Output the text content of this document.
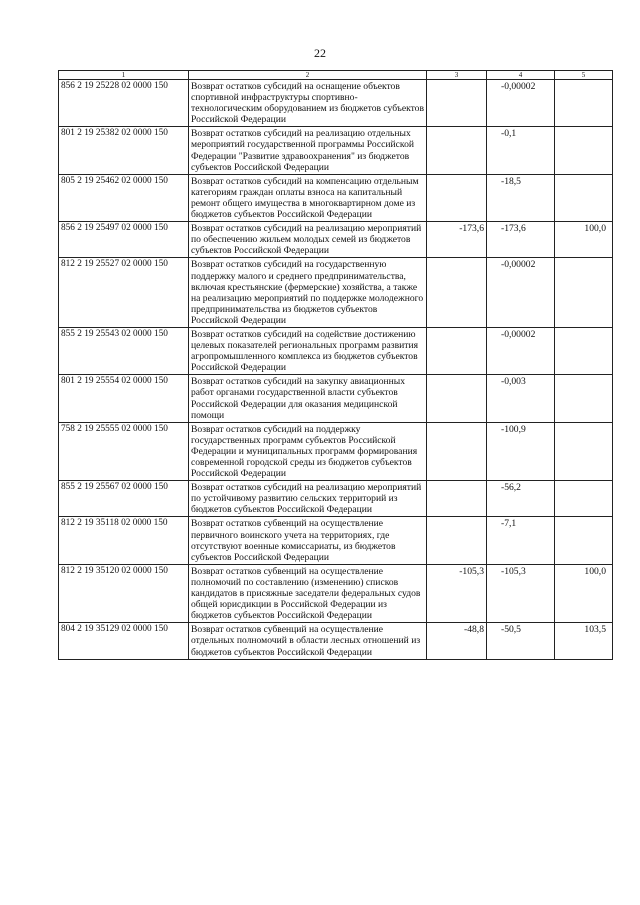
22
1	2	3	4	5
856 2 19 25228 02 0000 150	Возврат остатков субсидий на оснащение объектов спортивной инфраструктуры спортивно-технологическим оборудованием из бюджетов субъектов Российской Федерации		-0,00002	
801 2 19 25382 02 0000 150	Возврат остатков субсидий на реализацию отдельных мероприятий государственной программы Российской Федерации "Развитие здравоохранения" из бюджетов субъектов Российской Федерации		-0,1	
805 2 19 25462 02 0000 150	Возврат остатков субсидий на компенсацию отдельным категориям граждан оплаты взноса на капитальный ремонт общего имущества в многоквартирном доме из бюджетов субъектов Российской Федерации		-18,5	
856 2 19 25497 02 0000 150	Возврат остатков субсидий на реализацию мероприятий по обеспечению жильем молодых семей из бюджетов субъектов Российской Федерации	-173,6	-173,6	100,0
812 2 19 25527 02 0000 150	Возврат остатков субсидий на государственную поддержку малого и среднего предпринимательства, включая крестьянские (фермерские) хозяйства, а также на реализацию мероприятий по поддержке молодежного предпринимательства из бюджетов субъектов Российской Федерации		-0,00002	
855 2 19 25543 02 0000 150	Возврат остатков субсидий на содействие достижению целевых показателей региональных программ развития агропромышленного комплекса из бюджетов субъектов Российской Федерации		-0,00002	
801 2 19 25554 02 0000 150	Возврат остатков субсидий на закупку авиационных работ органами государственной власти субъектов Российской Федерации для оказания медицинской помощи		-0,003	
758 2 19 25555 02 0000 150	Возврат остатков субсидий на поддержку государственных программ субъектов Российской Федерации и муниципальных программ формирования современной городской среды из бюджетов субъектов Российской Федерации		-100,9	
855 2 19 25567 02 0000 150	Возврат остатков субсидий на реализацию мероприятий по устойчивому развитию сельских территорий из бюджетов субъектов Российской Федерации		-56,2	
812 2 19 35118 02 0000 150	Возврат остатков субвенций на осуществление первичного воинского учета на территориях, где отсутствуют военные комиссариаты, из бюджетов субъектов Российской Федерации		-7,1	
812 2 19 35120 02 0000 150	Возврат остатков субвенций на осуществление полномочий по составлению (изменению) списков кандидатов в присяжные заседатели федеральных судов общей юрисдикции в Российской Федерации из бюджетов субъектов Российской Федерации	-105,3	-105,3	100,0
804 2 19 35129 02 0000 150	Возврат остатков субвенций на осуществление отдельных полномочий в области лесных отношений из бюджетов субъектов Российской Федерации	-48,8	-50,5	103,5
